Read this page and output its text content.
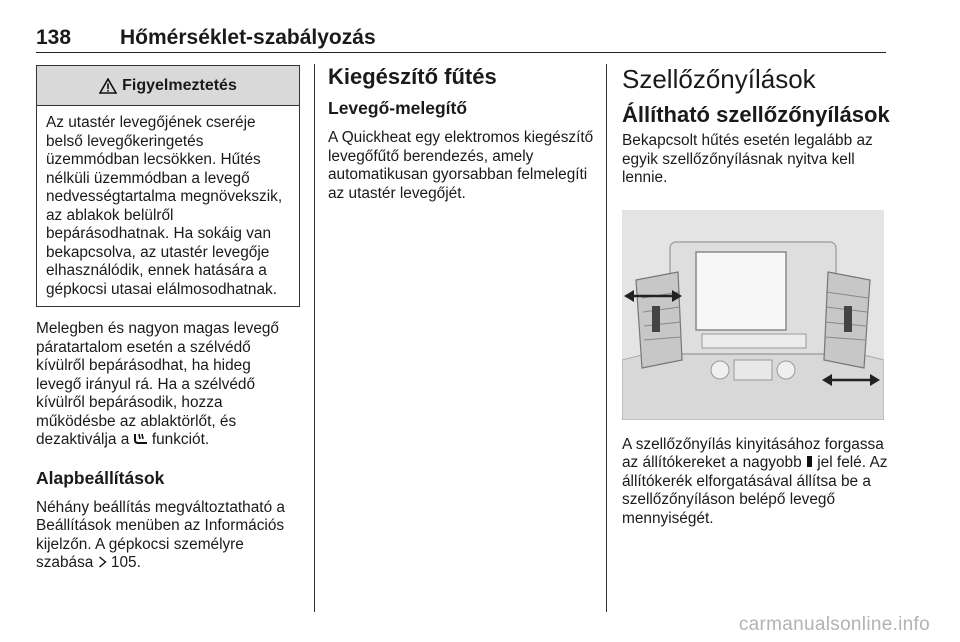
138 Hőmérséklet-szabályozás
Figyelmeztetés
Az utastér levegőjének cseréje belső levegőkeringetés üzemmódban lecsökken. Hűtés nélküli üzemmódban a levegő nedvességtartalma megnövekszik, az ablakok belülről bepárásodhatnak. Ha sokáig van bekapcsolva, az utastér levegője elhasználódik, ennek hatására a gépkocsi utasai elálmosodhatnak.

Melegben és nagyon magas levegő páratartalom esetén a szélvédő kívülről bepárásodhat, ha hideg levegő irányul rá. Ha a szélvédő kívülről bepárásodik, hozza működésbe az ablaktörlőt, és dezaktiválja a funkciót.

Alapbeállítások

Néhány beállítás megváltoztatható a Beállítások menüben az Információs kijelzőn. A gépkocsi személyre szabása 105.

Kiegészítő fűtés
Levegő-melegítő

A Quickheat egy elektromos kiegészítő levegőfűtő berendezés, amely automatikusan gyorsabban felmelegíti az utastér levegőjét.

Szellőzőnyílások
Állítható szellőzőnyílások

Bekapcsolt hűtés esetén legalább az egyik szellőzőnyílásnak nyitva kell lennie.

A szellőzőnyílás kinyitásához forgassa az állítókereket a nagyobb jel felé. Az állítókerék elforgatásával állítsa be a szellőzőnyíláson belépő levegő mennyiségét.

carmanualsonline.info
